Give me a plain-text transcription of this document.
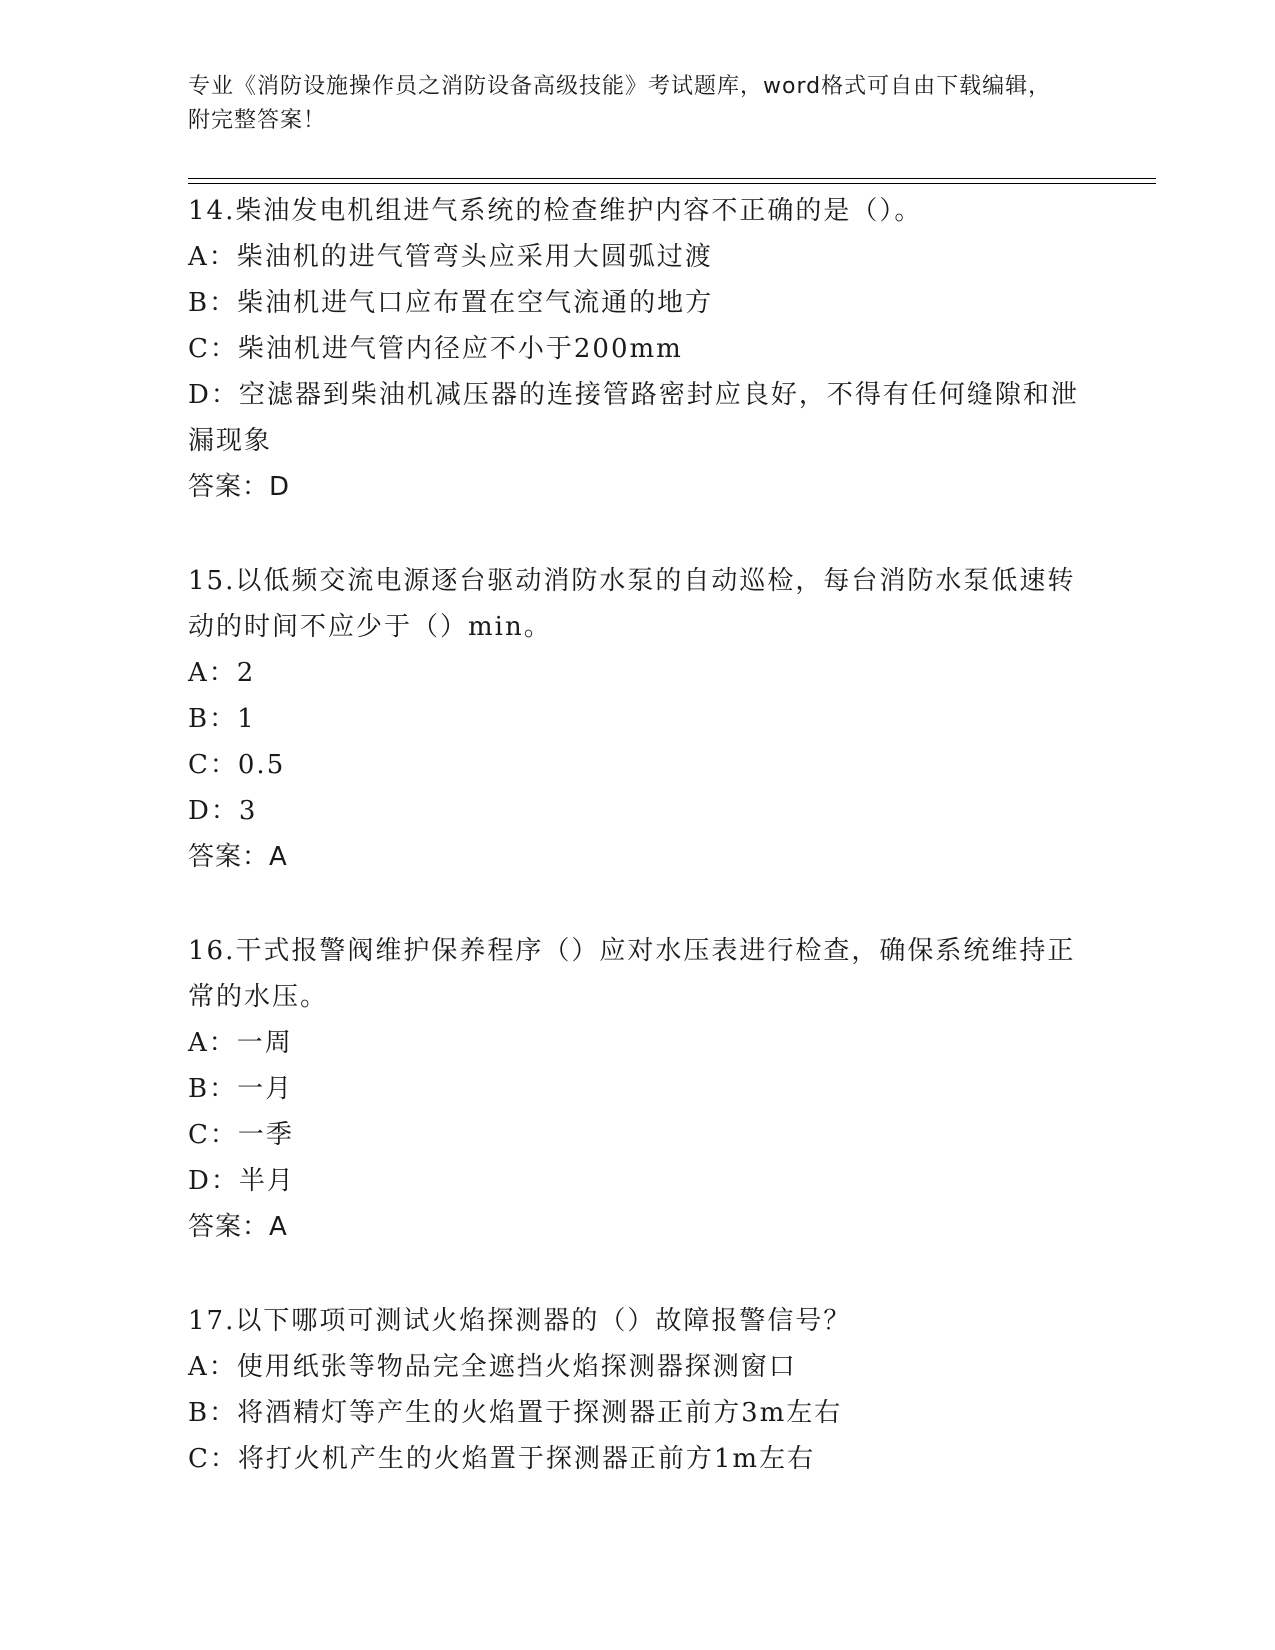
专业《消防设施操作员之消防设备高级技能》考试题库，word格式可自由下载编辑，附完整答案！
14.柴油发电机组进气系统的检查维护内容不正确的是（）。
A：柴油机的进气管弯头应采用大圆弧过渡
B：柴油机进气口应布置在空气流通的地方
C：柴油机进气管内径应不小于200mm
D：空滤器到柴油机减压器的连接管路密封应良好，不得有任何缝隙和泄漏现象
答案：D
15.以低频交流电源逐台驱动消防水泵的自动巡检，每台消防水泵低速转动的时间不应少于（）min。
A：2
B：1
C：0.5
D：3
答案：A
16.干式报警阀维护保养程序（）应对水压表进行检查，确保系统维持正常的水压。
A：一周
B：一月
C：一季
D：半月
答案：A
17.以下哪项可测试火焰探测器的（）故障报警信号？
A：使用纸张等物品完全遮挡火焰探测器探测窗口
B：将酒精灯等产生的火焰置于探测器正前方3m左右
C：将打火机产生的火焰置于探测器正前方1m左右
